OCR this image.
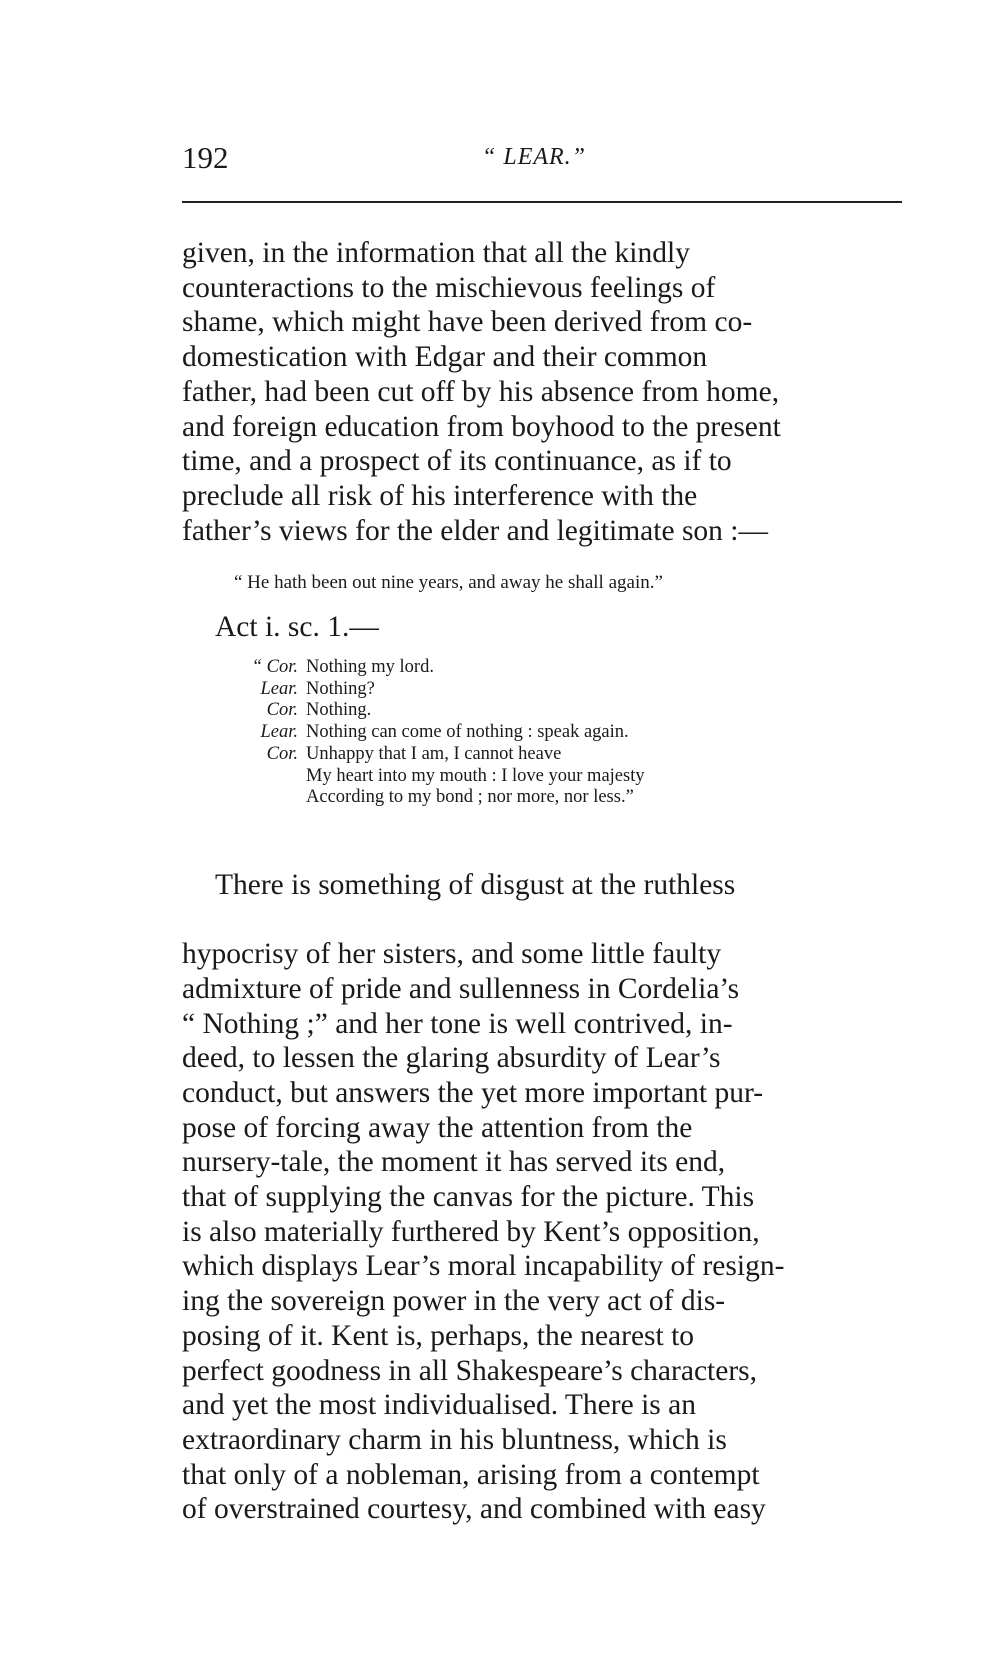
192	“ LEAR.”

given, in the information that all the kindly
counteractions to the mischievous feelings of
shame, which might have been derived from co-
domestication with Edgar and their common
father, had been cut off by his absence from home,
and foreign education from boyhood to the present
time, and a prospect of its continuance, as if to
preclude all risk of his interference with the
father’s views for the elder and legitimate son :—

“ He hath been out nine years, and away he shall again.”
Act i. sc. 1.—
“ Cor. Nothing my lord.
Lear. Nothing?
Cor. Nothing.
Lear. Nothing can come of nothing : speak again.
Cor. Unhappy that I am, I cannot heave
My heart into my mouth : I love your majesty
According to my bond ; nor more, nor less.”

There is something of disgust at the ruthless

hypocrisy of her sisters, and some little faulty
admixture of pride and sullenness in Cordelia’s
“ Nothing ;” and her tone is well contrived, in-
deed, to lessen the glaring absurdity of Lear’s
conduct, but answers the yet more important pur-
pose of forcing away the attention from the
nursery-tale, the moment it has served its end,
that of supplying the canvas for the picture. This
is also materially furthered by Kent’s opposition,
which displays Lear’s moral incapability of resign-
ing the sovereign power in the very act of dis-
posing of it. Kent is, perhaps, the nearest to
perfect goodness in all Shakespeare’s characters,
and yet the most individualised. There is an
extraordinary charm in his bluntness, which is
that only of a nobleman, arising from a contempt
of overstrained courtesy, and combined with easy
